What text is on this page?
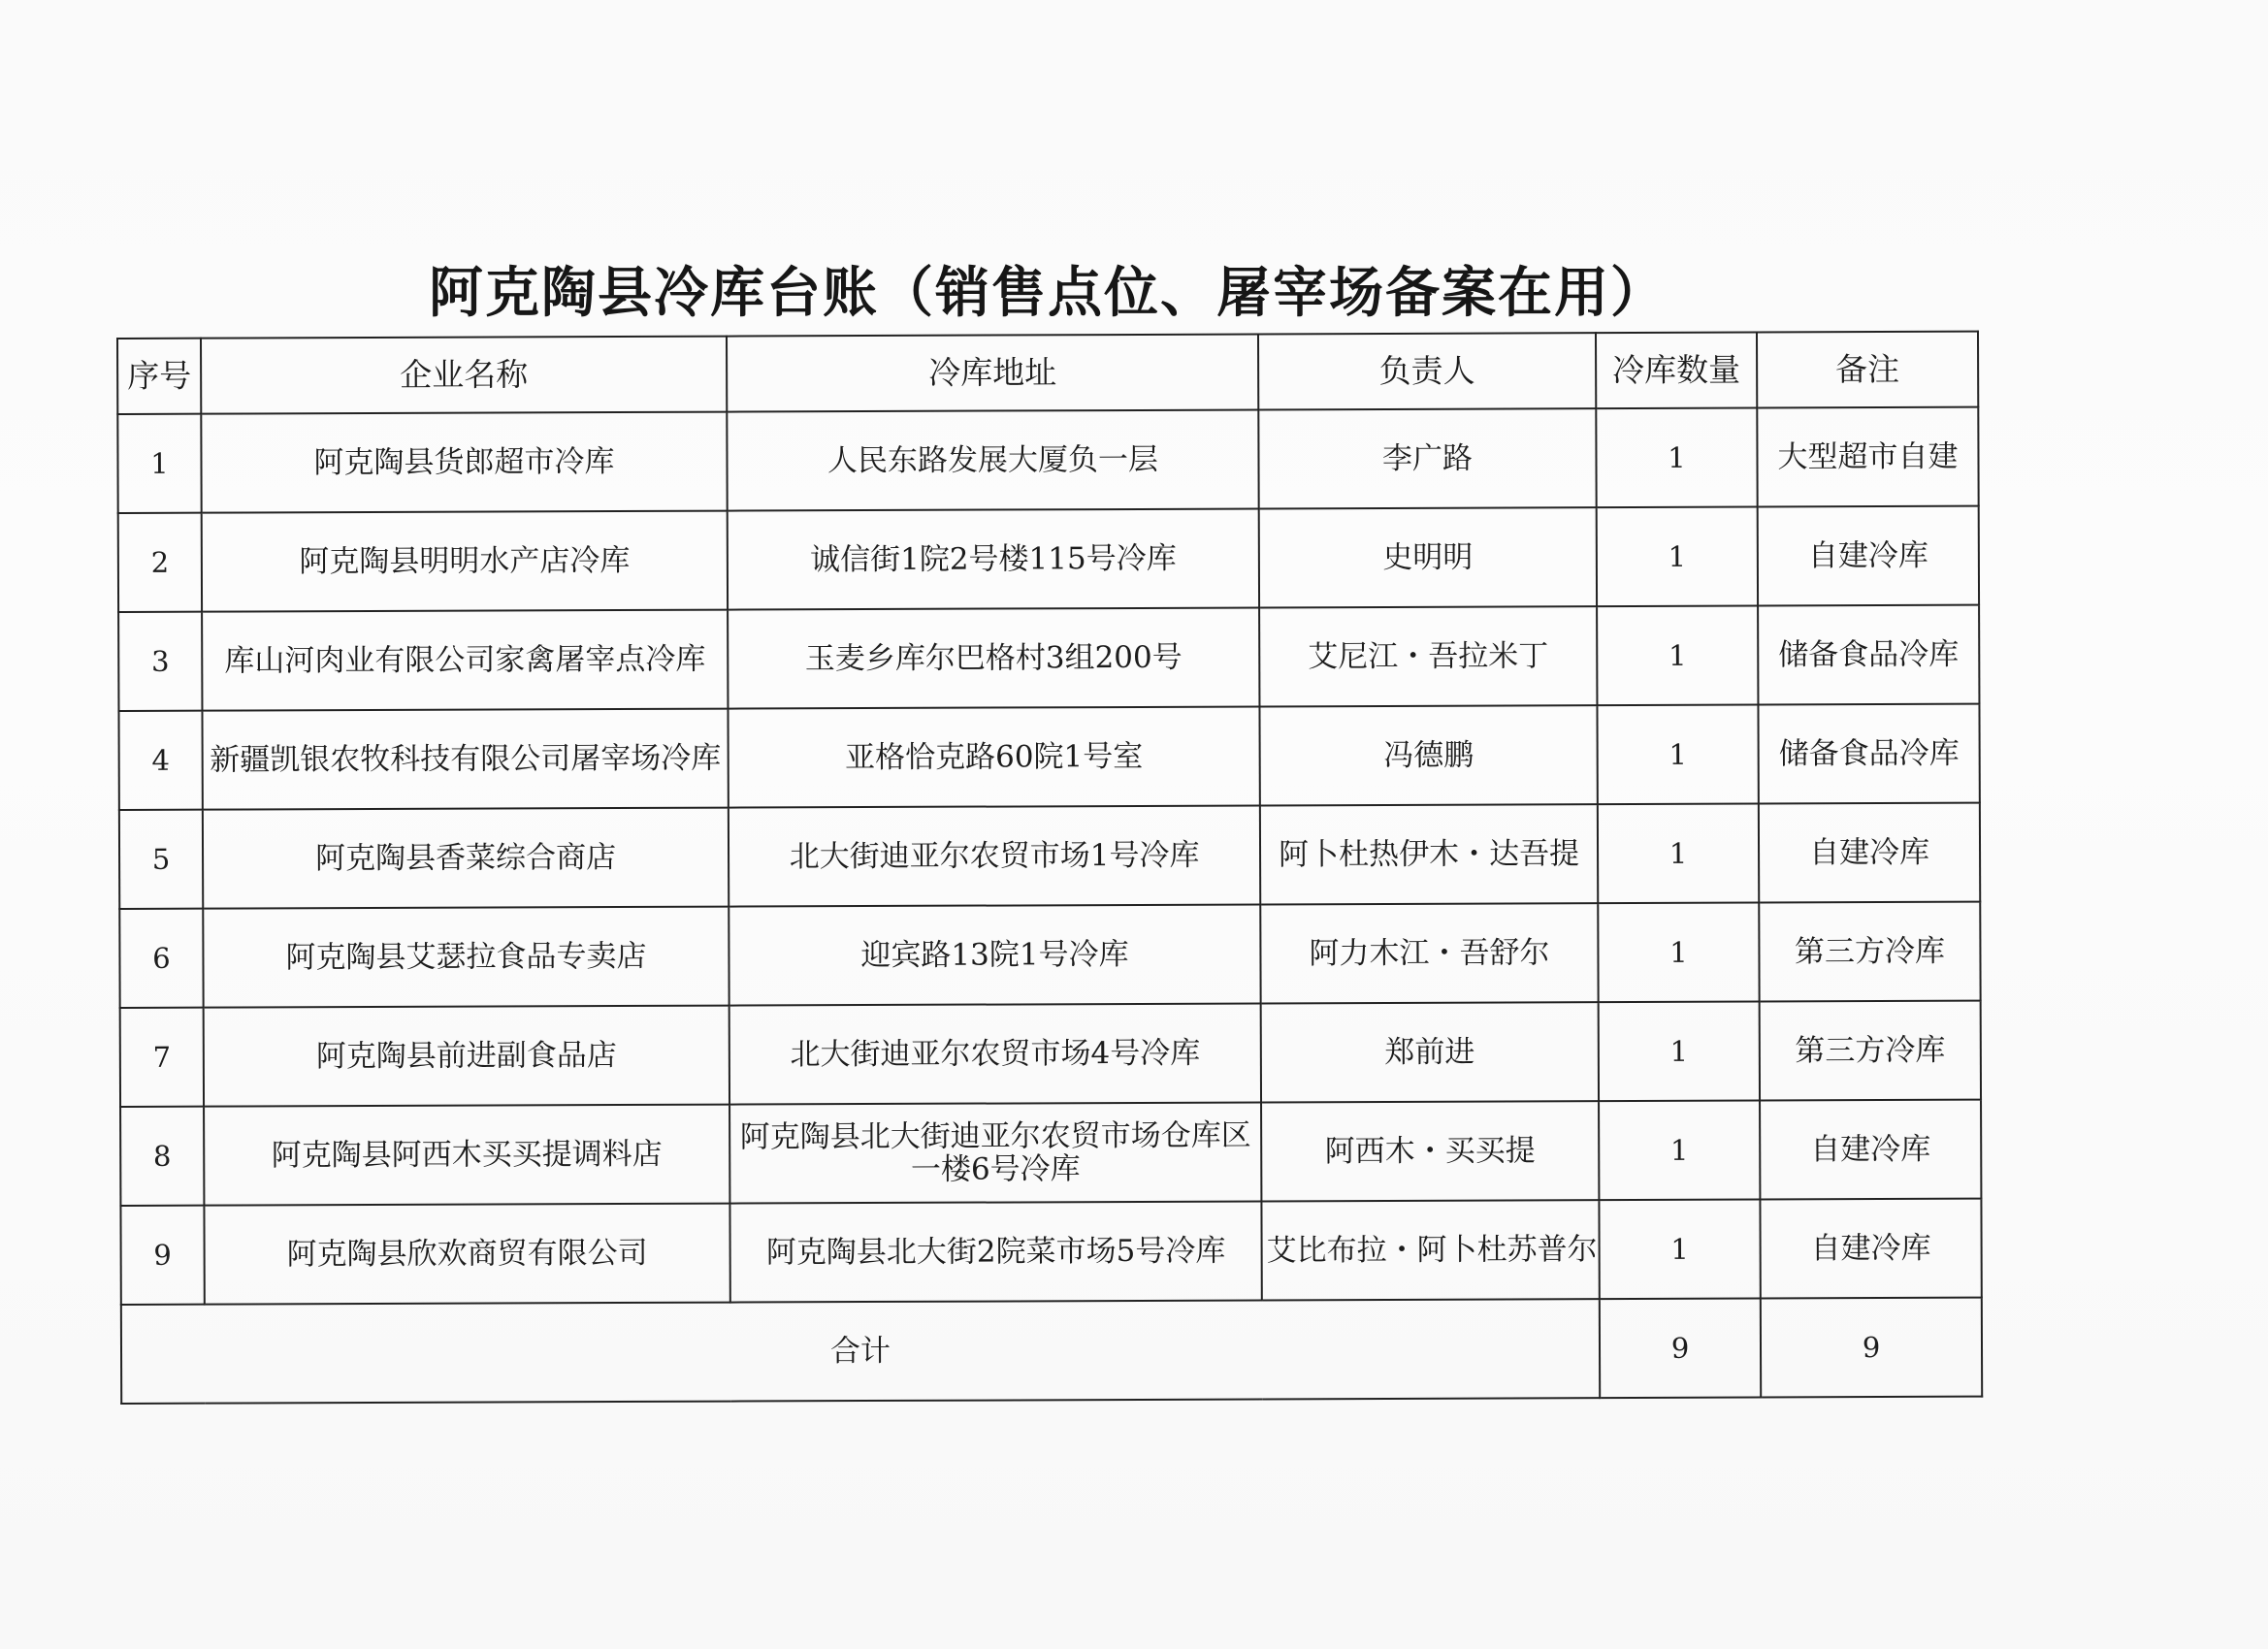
阿克陶县冷库台账（销售点位、屠宰场备案在用）
序号	企业名称	冷库地址	负责人	冷库数量	备注
1	阿克陶县货郎超市冷库	人民东路发展大厦负一层	李广路	1	大型超市自建
2	阿克陶县明明水产店冷库	诚信街1院2号楼115号冷库	史明明	1	自建冷库
3	库山河肉业有限公司家禽屠宰点冷库	玉麦乡库尔巴格村3组200号	艾尼江・吾拉米丁	1	储备食品冷库
4	新疆凯银农牧科技有限公司屠宰场冷库	亚格恰克路60院1号室	冯德鹏	1	储备食品冷库
5	阿克陶县香菜综合商店	北大街迪亚尔农贸市场1号冷库	阿卜杜热伊木・达吾提	1	自建冷库
6	阿克陶县艾瑟拉食品专卖店	迎宾路13院1号冷库	阿力木江・吾舒尔	1	第三方冷库
7	阿克陶县前进副食品店	北大街迪亚尔农贸市场4号冷库	郑前进	1	第三方冷库
8	阿克陶县阿西木买买提调料店	阿克陶县北大街迪亚尔农贸市场仓库区一楼6号冷库	阿西木・买买提	1	自建冷库
9	阿克陶县欣欢商贸有限公司	阿克陶县北大街2院菜市场5号冷库	艾比布拉・阿卜杜苏普尔	1	自建冷库
合计				9	9
